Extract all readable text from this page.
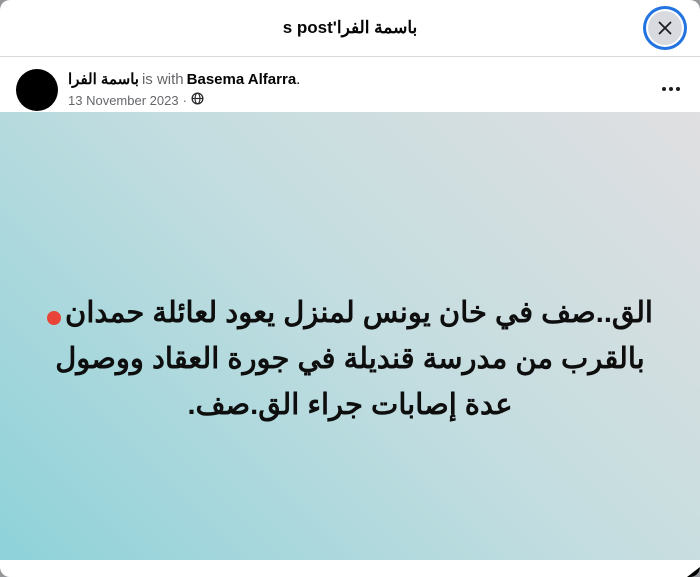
باسمة الفرا's post
باسمة الفرا is with Basema Alfarra.
13 November 2023 ·
الق..صف في خان يونس لمنزل يعود لعائلة حمدان
بالقرب من مدرسة قنديلة في جورة العقاد ووصول
عدة إصابات جراء الق.صف.
